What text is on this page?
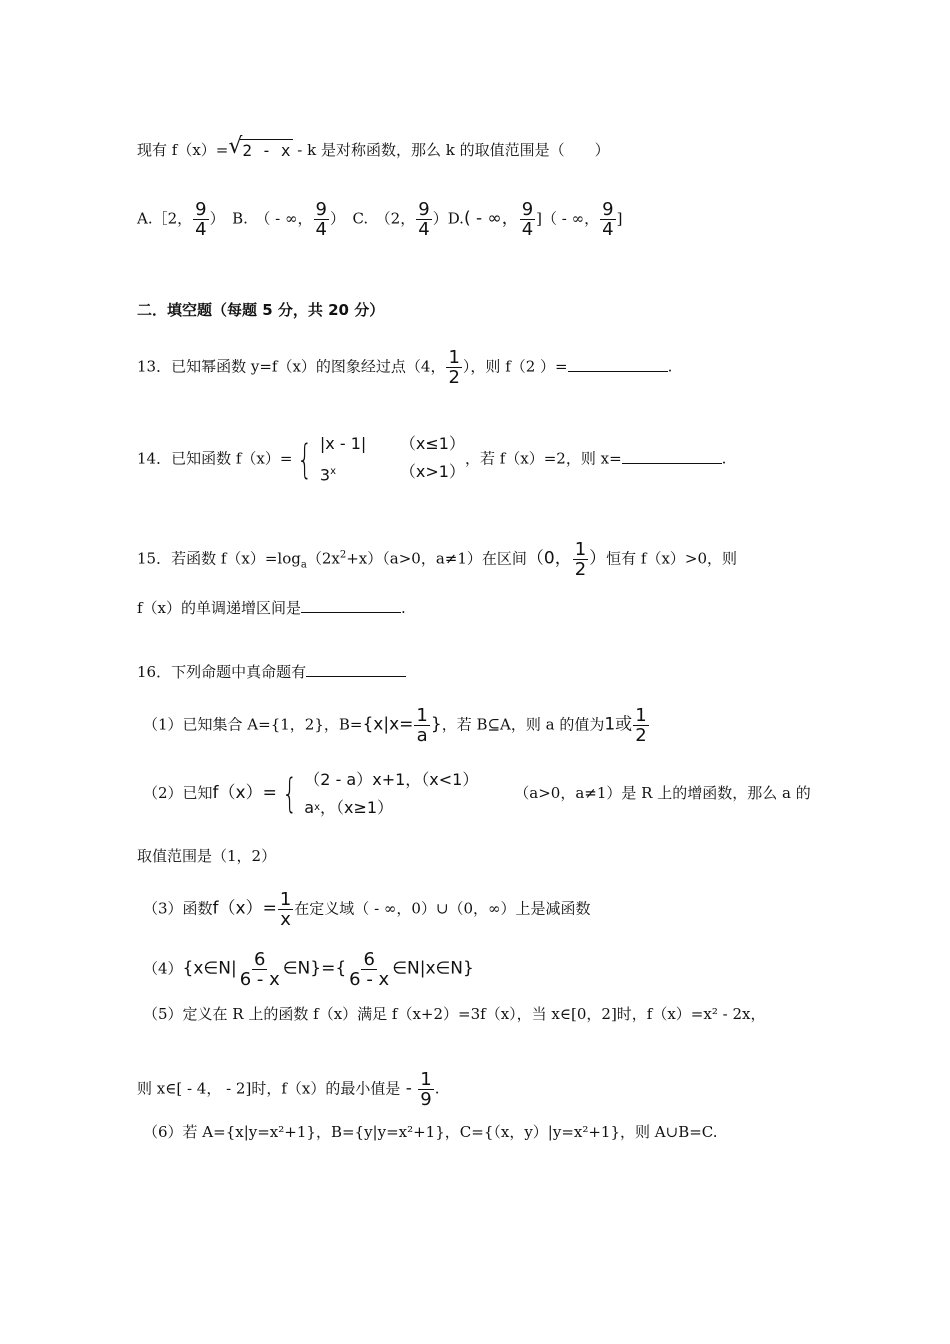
现有 f（x）= √ 2 - x - k 是对称函数，那么 k 的取值范围是（　　）
A.［2， $\frac{9}{4}$ ）　B.　（ - ∞， $\frac{9}{4}$ ）　C.　（2， $\frac{9}{4} )D$.( - ∞， $\frac{9}{4}$ ]（ - ∞， $\frac{9}{4}$ ]
二．填空题（每题 5 分，共 20 分）
13．已知幂函数 y=f（x）的图象经过点（4， $\frac{1}{2}$ ），则 f（2 ）=	.
14．已知函数 f（x）= { |x - 1|	（x≤1）
3$^x$	（x>1）
，若 f（x）=2，则 x=	.
15．若函数 $f(x)=\log_a(2x^2+x)(a>0$，a≠1）在区间（0， $\frac{1}{2}$ ）恒有 f（x）>0，则
f（x）的单调递增区间是	.
16．下列命题中真命题有
（1）已知集合 A={1，2}，$B=\{x|x= \frac{1}{a}$ }，若 B⊆A，则 a 的值为1或 $\frac{1}{2}$
（2）已知f（x）= { （2 - a）x+1，（x<1）
a x ，（x≥1）
（a>0，a≠1）是 R 上的增函数，那么 a 的
取值范围是（1，2）
（3）函数$f(x)= \frac{1}{x}$ 在定义域（ - ∞，0）∪（0，∞）上是减函数
（4）{x∈N| $\frac{6}{6 - x}$ ∈N}={ $\frac{6}{6 - x}$ ∈N|x∈N}
（5）定义在 R 上的函数 f（x）满足 f（x+2）=3f（x），当 x∈[0，2]时，f（x）=x² - 2x，
则 x∈[ - 4， - 2]时，f（x）的最小值是 - $\frac{1}{9}$ .
（6）若 A={x|y=x²+1}，B={y|y=x²+1}，C={（x，y）|y=x²+1}，则 A∪B=C.
